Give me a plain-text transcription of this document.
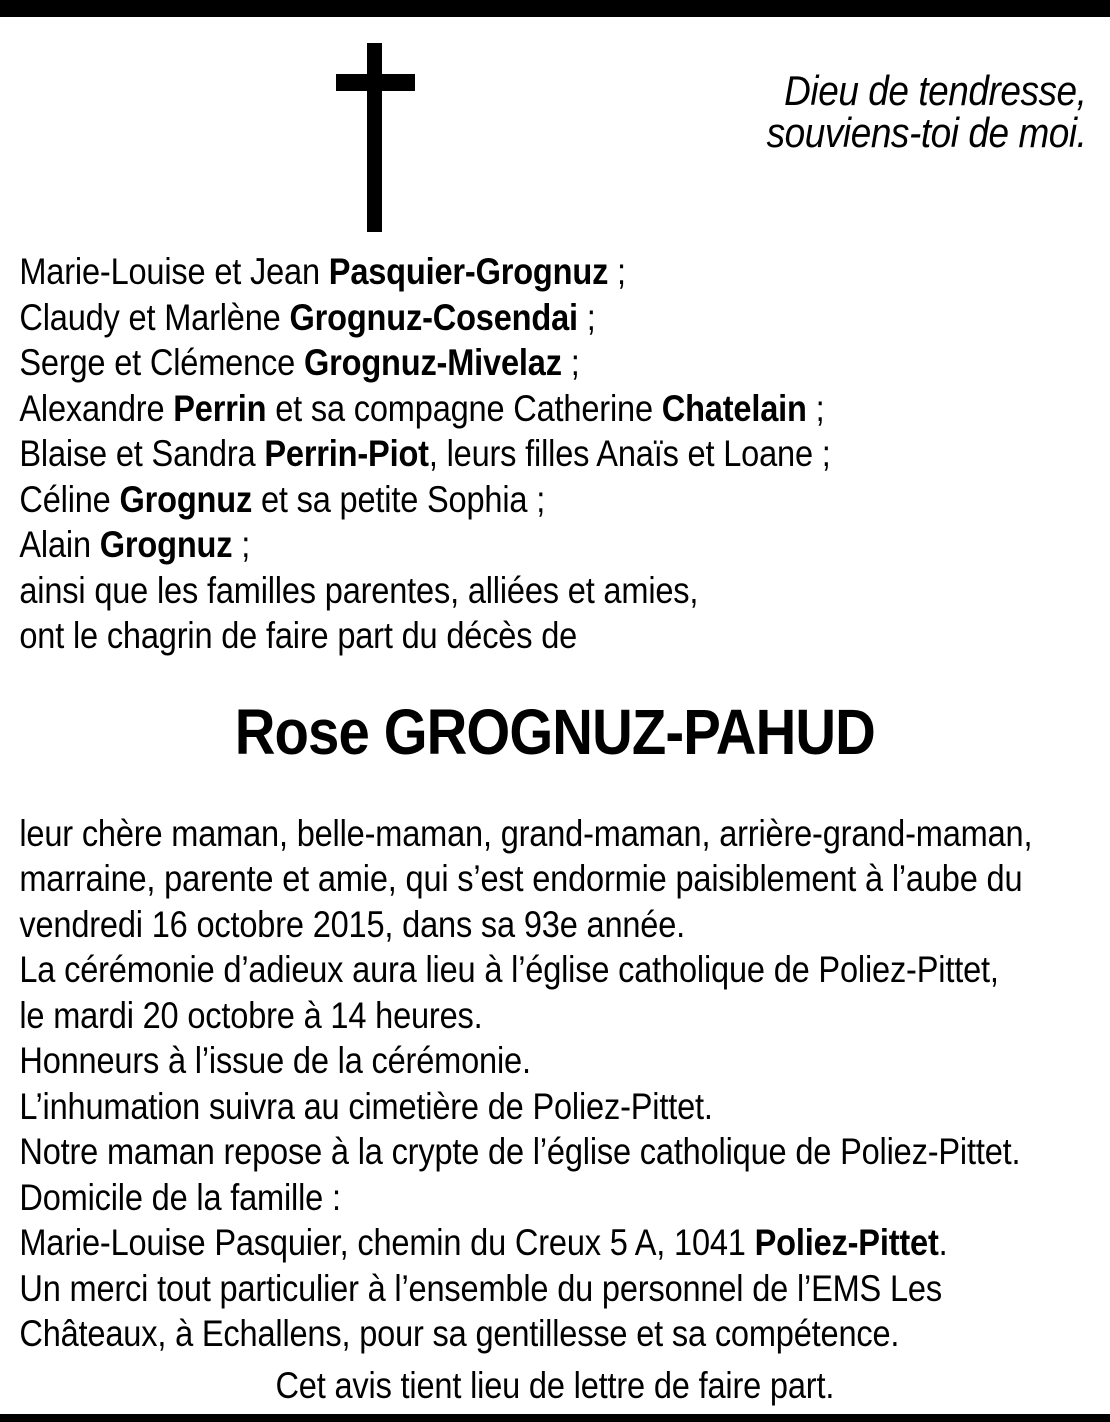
Dieu de tendresse,
souviens-toi de moi.
Marie-Louise et Jean Pasquier-Grognuz ;
Claudy et Marlène Grognuz-Cosendai ;
Serge et Clémence Grognuz-Mivelaz ;
Alexandre Perrin et sa compagne Catherine Chatelain ;
Blaise et Sandra Perrin-Piot, leurs filles Anaïs et Loane ;
Céline Grognuz et sa petite Sophia ;
Alain Grognuz ;
ainsi que les familles parentes, alliées et amies,
ont le chagrin de faire part du décès de
Rose GROGNUZ-PAHUD
leur chère maman, belle-maman, grand-maman, arrière-grand-maman,
marraine, parente et amie, qui s’est endormie paisiblement à l’aube du
vendredi 16 octobre 2015, dans sa 93e année.
La cérémonie d’adieux aura lieu à l’église catholique de Poliez-Pittet,
le mardi 20 octobre à 14 heures.
Honneurs à l’issue de la cérémonie.
L’inhumation suivra au cimetière de Poliez-Pittet.
Notre maman repose à la crypte de l’église catholique de Poliez-Pittet.
Domicile de la famille :
Marie-Louise Pasquier, chemin du Creux 5 A, 1041 Poliez-Pittet.
Un merci tout particulier à l’ensemble du personnel de l’EMS Les
Châteaux, à Echallens, pour sa gentillesse et sa compétence.
Cet avis tient lieu de lettre de faire part.
